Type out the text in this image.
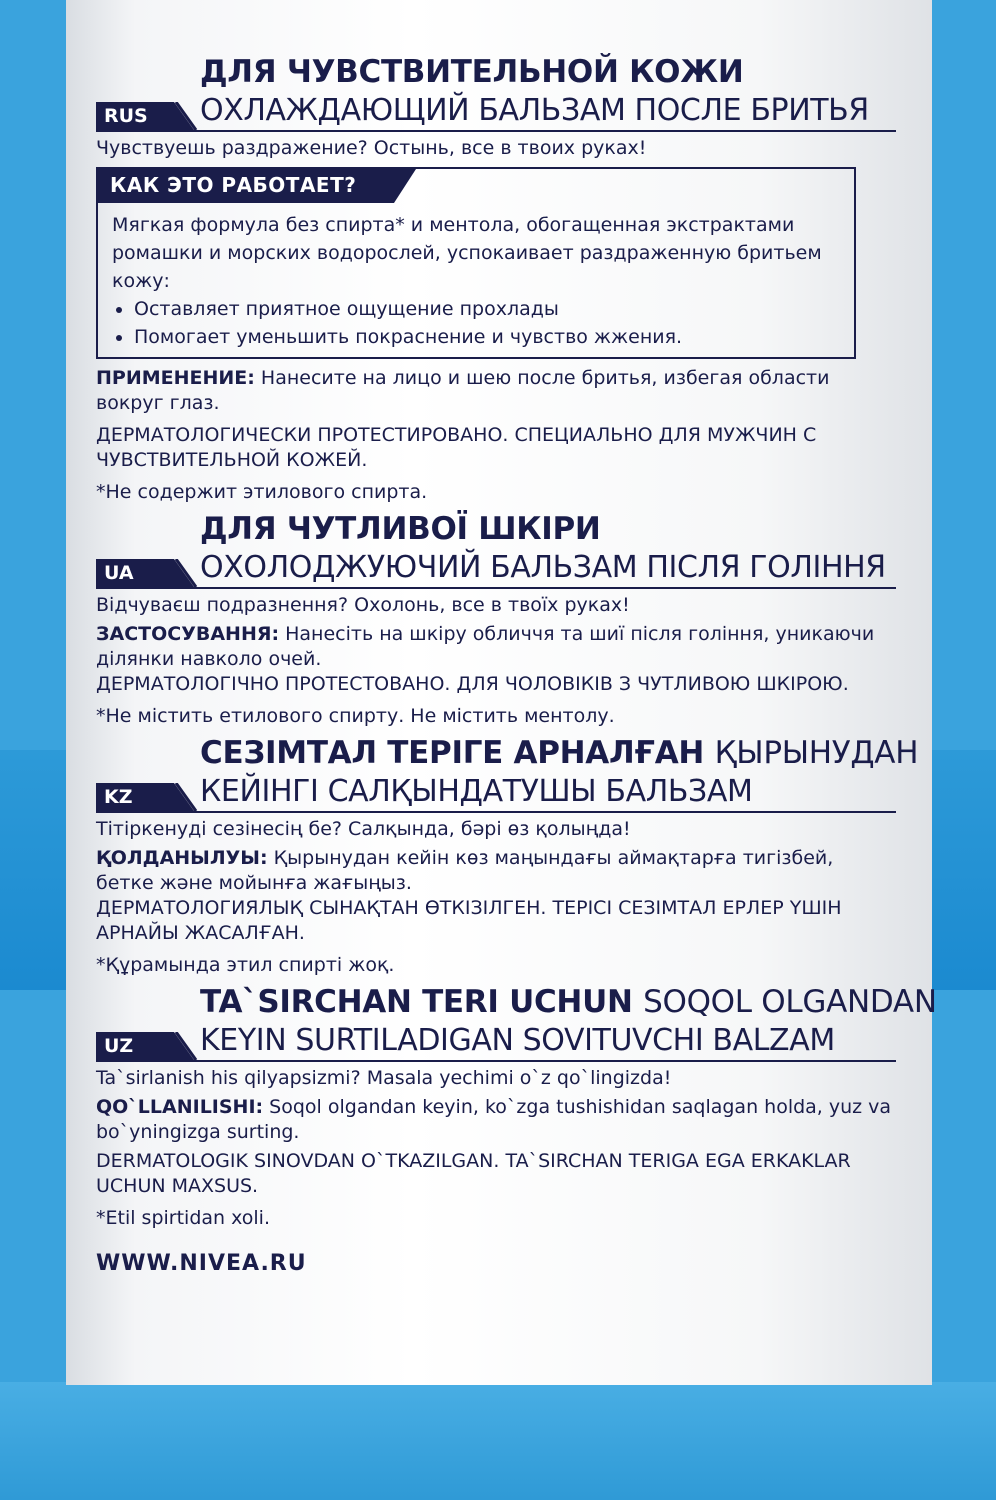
ДЛЯ ЧУВСТВИТЕЛЬНОЙ КОЖИ
RUS ОХЛАЖДАЮЩИЙ БАЛЬЗАМ ПОСЛЕ БРИТЬЯ

Чувствуешь раздражение? Остынь, все в твоих руках!

КАК ЭТО РАБОТАЕТ?

Мягкая формула без спирта* и ментола, обогащенная экстрактами ромашки и морских водорослей, успокаивает раздраженную бритьем кожу:

• Оставляет приятное ощущение прохлады
• Помогает уменьшить покраснение и чувство жжения.

ПРИМЕНЕНИЕ: Нанесите на лицо и шею после бритья, избегая области вокруг глаз.

ДЕРМАТОЛОГИЧЕСКИ ПРОТЕСТИРОВАНО. СПЕЦИАЛЬНО ДЛЯ МУЖЧИН С ЧУВСТВИТЕЛЬНОЙ КОЖЕЙ.

*Не содержит этилового спирта.

ДЛЯ ЧУТЛИВОЇ ШКІРИ
UA ОХОЛОДЖУЮЧИЙ БАЛЬЗАМ ПІСЛЯ ГОЛІННЯ

Відчуваєш подразнення? Охолонь, все в твоїх руках!

ЗАСТОСУВАННЯ: Нанесіть на шкіру обличчя та шиї після гоління, уникаючи ділянки навколо очей.

ДЕРМАТОЛОГІЧНО ПРОТЕСТОВАНО. ДЛЯ ЧОЛОВІКІВ З ЧУТЛИВОЮ ШКІРОЮ.

*Не містить етилового спирту. Не містить ментолу.

СЕЗІМТАЛ ТЕРІГЕ АРНАЛҒАН ҚЫРЫНУДАН
KZ КЕЙІНГІ САЛҚЫНДАТУШЫ БАЛЬЗАМ

Тітіркенуді сезінесің бе? Салқында, бәрі өз қолыңда!

ҚОЛДАНЫЛУЫ: Қырынудан кейін көз маңындағы аймақтарға тигізбей, бетке және мойынға жағыңыз.

ДЕРМАТОЛОГИЯЛЫҚ СЫНАҚТАН ӨТКІЗІЛГЕН. ТЕРІСІ СЕЗІМТАЛ ЕРЛЕР ҮШІН АРНАЙЫ ЖАСАЛҒАН.

*Құрамында этил спирті жоқ.

TA`SIRCHAN TERI UCHUN SOQOL OLGANDAN
UZ KEYIN SURTILADIGAN SOVITUVCHI BALZAM

Ta`sirlanish his qilyapsizmi? Masala yechimi o`z qo`lingizda!

QO`LLANILISHI: Soqol olgandan keyin, ko`zga tushishidan saqlagan holda, yuz va bo`yningizga surting.

DERMATOLOGIK SINOVDAN O`TKAZILGAN. TA`SIRCHAN TERIGA EGA ERKAKLAR UCHUN MAXSUS.

*Etil spirtidan xoli.

WWW.NIVEA.RU
